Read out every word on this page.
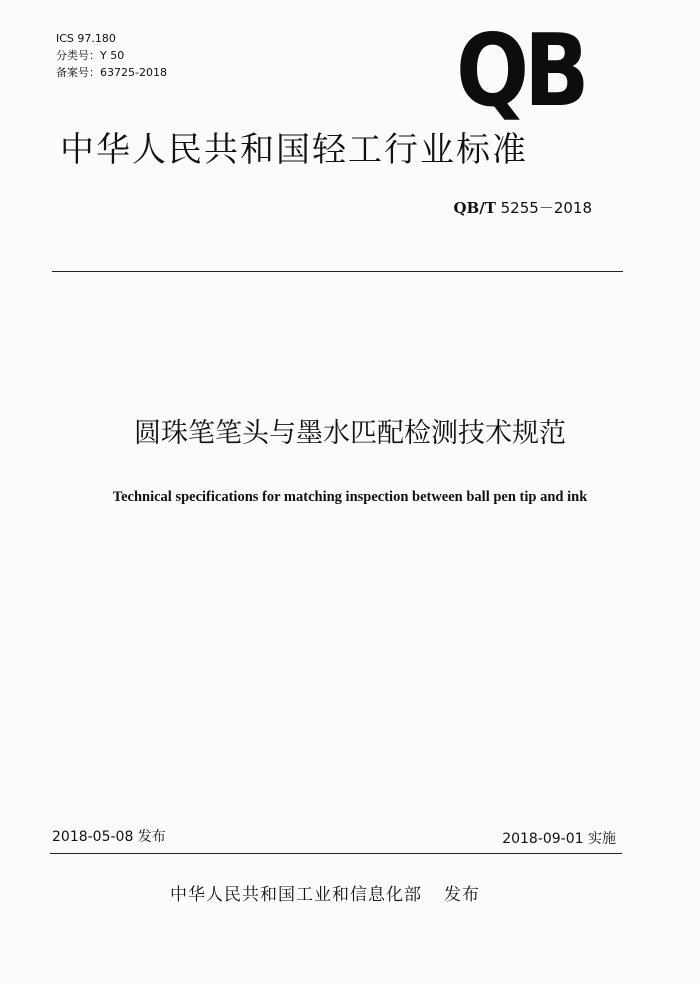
ICS 97.180
分类号：Y 50
备案号：63725-2018	QB
中华人民共和国轻工行业标准
QB/T 5255－2018
圆珠笔笔头与墨水匹配检测技术规范
Technical specifications for matching inspection between ball pen tip and ink
2018-05-08 发布	2018-09-01 实施
中华人民共和国工业和信息化部 发布
